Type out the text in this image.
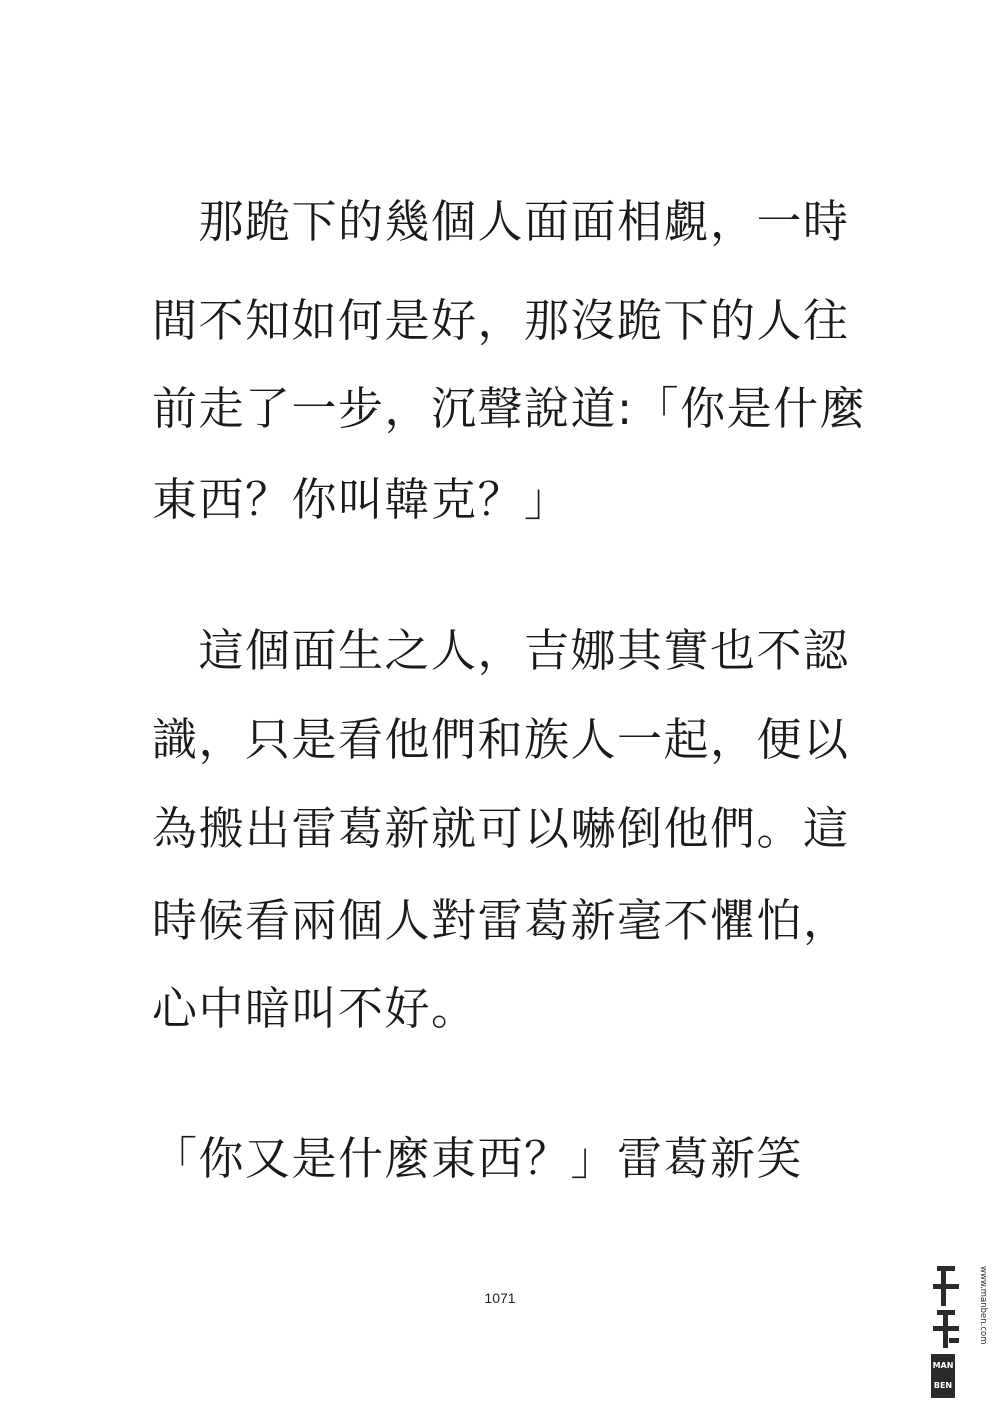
　那跪下的幾個人面面相覷，一時
間不知如何是好，那沒跪下的人往
前走了一步，沉聲說道:「你是什麼
東西？你叫韓克？」
　這個面生之人，吉娜其實也不認
識，只是看他們和族人一起，便以
為搬出雷葛新就可以嚇倒他們。這
時候看兩個人對雷葛新毫不懼怕，
心中暗叫不好。
「你又是什麼東西？」雷葛新笑
1071
MAN
BEN
www.manben.com
